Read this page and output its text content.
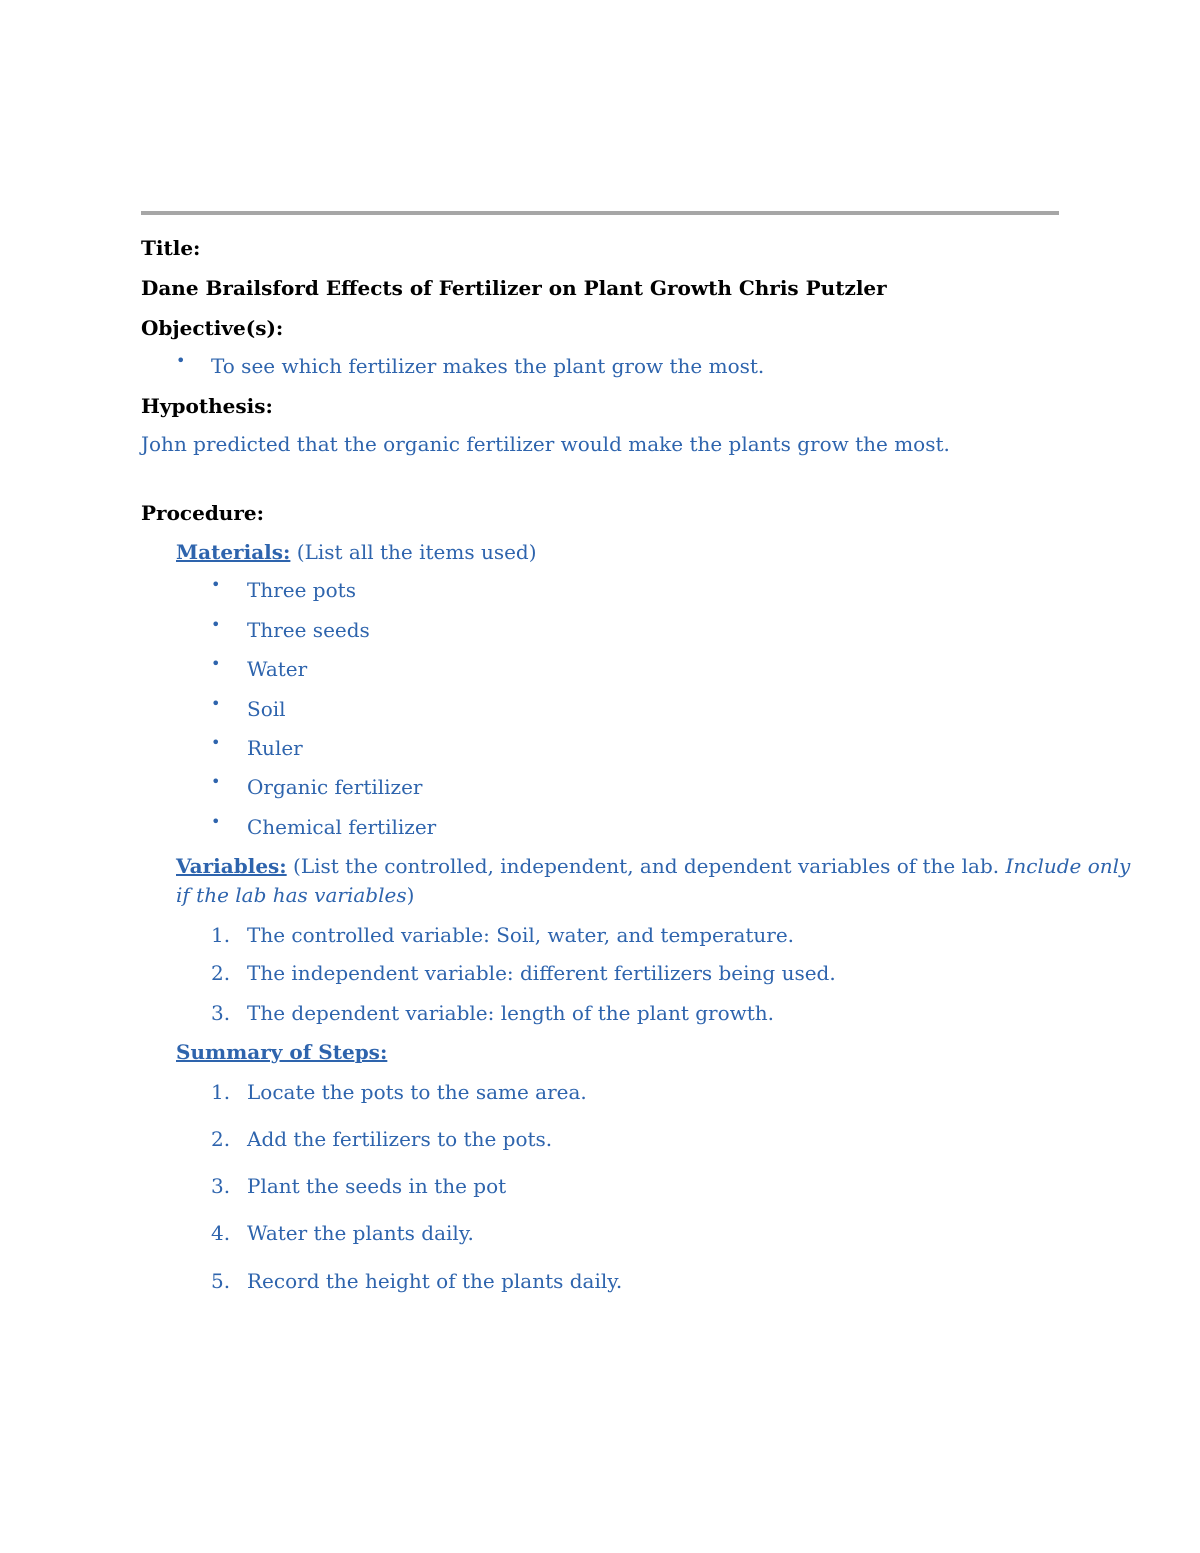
Title:
Dane Brailsford Effects of Fertilizer on Plant Growth Chris Putzler
Objective(s):
• To see which fertilizer makes the plant grow the most.
Hypothesis:
John predicted that the organic fertilizer would make the plants grow the most.
Procedure:
Materials: (List all the items used)
• Three pots
• Three seeds
• Water
• Soil
• Ruler
• Organic fertilizer
• Chemical fertilizer
Variables: (List the controlled, independent, and dependent variables of the lab. Include only
if the lab has variables)
1. The controlled variable: Soil, water, and temperature.
2. The independent variable: different fertilizers being used.
3. The dependent variable: length of the plant growth.
Summary of Steps:
1. Locate the pots to the same area.
2. Add the fertilizers to the pots.
3. Plant the seeds in the pot
4. Water the plants daily.
5. Record the height of the plants daily.
